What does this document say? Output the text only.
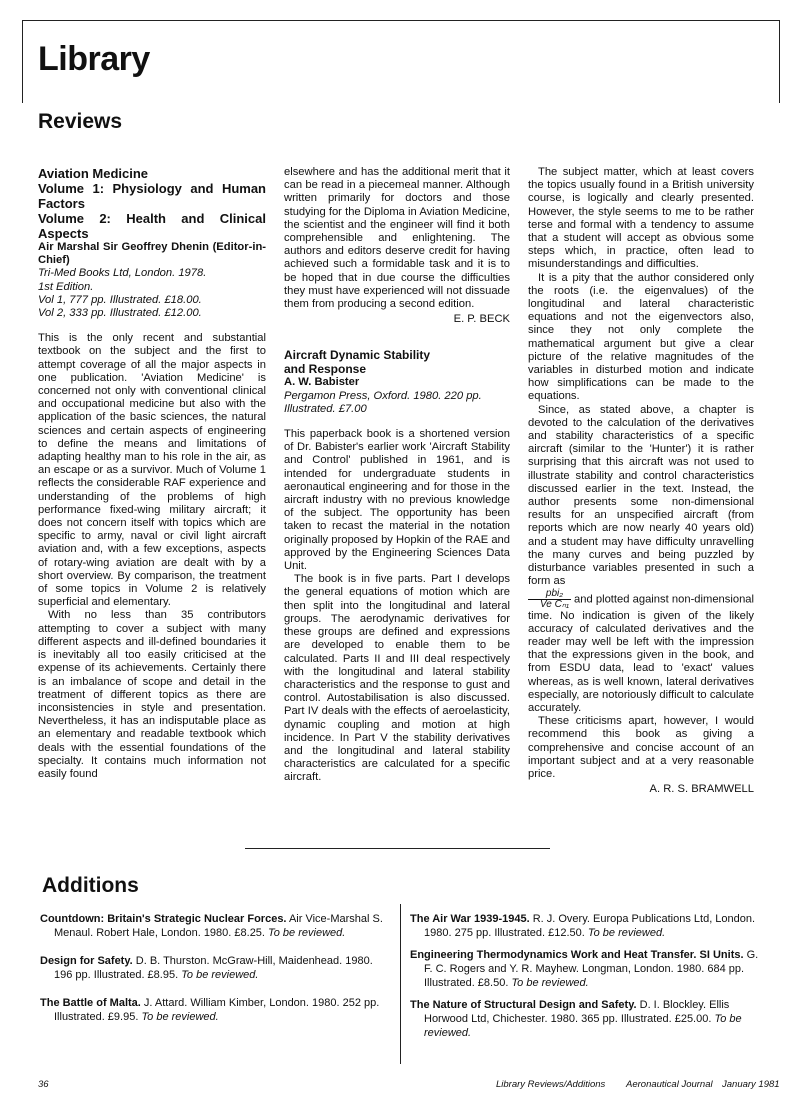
Library
Reviews
Aviation Medicine
Volume 1: Physiology and Human Factors
Volume 2: Health and Clinical Aspects
Air Marshal Sir Geoffrey Dhenin (Editor-in-Chief)
Tri-Med Books Ltd, London. 1978.
1st Edition.
Vol 1, 777 pp. Illustrated. £18.00.
Vol 2, 333 pp. Illustrated. £12.00.

This is the only recent and substantial textbook on the subject and the first to attempt coverage of all the major aspects in one publication. 'Aviation Medicine' is concerned not only with conventional clinical and occupational medicine but also with the application of the basic sciences, the natural sciences and certain aspects of engineering to define the means and limitations of adapting healthy man to his role in the air, as an escape or as a survivor. Much of Volume 1 reflects the considerable RAF experience and understanding of the problems of high performance fixed-wing military aircraft; it does not concern itself with topics which are specific to army, naval or civil light aircraft aviation and, with a few exceptions, aspects of rotary-wing aviation are dealt with by a short overview. By comparison, the treatment of some topics in Volume 2 is relatively superficial and elementary.

With no less than 35 contributors attempting to cover a subject with many different aspects and ill-defined boundaries it is inevitably all too easily criticised at the expense of its achievements. Certainly there is an imbalance of scope and detail in the treatment of different topics as there are inconsistencies in style and presentation. Nevertheless, it has an indisputable place as an elementary and readable textbook which deals with the essential foundations of the specialty. It contains much information not easily found

elsewhere and has the additional merit that it can be read in a piecemeal manner. Although written primarily for doctors and those studying for the Diploma in Aviation Medicine, the scientist and the engineer will find it both comprehensible and enlightening. The authors and editors deserve credit for having achieved such a formidable task and it is to be hoped that in due course the difficulties they must have experienced will not dissuade them from producing a second edition.

E. P. BECK
Aircraft Dynamic Stability
and Response
A. W. Babister
Pergamon Press, Oxford. 1980. 220 pp.
Illustrated. £7.00

This paperback book is a shortened version of Dr. Babister's earlier work 'Aircraft Stability and Control' published in 1961, and is intended for undergraduate students in aeronautical engineering and for those in the aircraft industry with no previous knowledge of the subject. The opportunity has been taken to recast the material in the notation originally proposed by Hopkin of the RAE and approved by the Engineering Sciences Data Unit.

The book is in five parts. Part I develops the general equations of motion which are then split into the longitudinal and lateral groups. The aerodynamic derivatives for these groups are defined and expressions are developed to enable them to be calculated. Parts II and III deal respectively with the longitudinal and lateral stability characteristics and the response to gust and control. Autostabilisation is also discussed. Part IV deals with the effects of aeroelasticity, dynamic coupling and motion at high incidence. In Part V the stability derivatives and the longitudinal and lateral stability characteristics are calculated for a specific aircraft.

The subject matter, which at least covers the topics usually found in a British university course, is logically and clearly presented. However, the style seems to me to be rather terse and formal with a tendency to assume that a student will accept as obvious some steps which, in practice, often lead to misunderstandings and difficulties.

It is a pity that the author considered only the roots (i.e. the eigenvalues) of the longitudinal and lateral characteristic equations and not the eigenvectors also, since they not only complete the mathematical argument but give a clear picture of the relative magnitudes of the variables in disturbed motion and indicate how simplifications can be made to the equations.

Since, as stated above, a chapter is devoted to the calculation of the derivatives and stability characteristics of a specific aircraft (similar to the 'Hunter') it is rather surprising that this aircraft was not used to illustrate stability and control characteristics discussed earlier in the text. Instead, the author presents some non-dimensional results for an unspecified aircraft (from reports which are now nearly 40 years old) and a student may have difficulty unravelling the many curves and being puzzled by disturbance variables presented in such a form as

$\frac{\text{pbi₂}}{\text{Ve Cₙ₁}}$ and plotted against non-dimensional time. No indication is given of the likely accuracy of calculated derivatives and the reader may well be left with the impression that the expressions given in the book, and from ESDU data, lead to 'exact' values whereas, as is well known, lateral derivatives especially, are notoriously difficult to calculate accurately.

These criticisms apart, however, I would recommend this book as giving a comprehensive and concise account of an important subject and at a very reasonable price.

A. R. S. BRAMWELL
Additions
Countdown: Britain's Strategic Nuclear Forces. Air Vice-Marshal S. Menaul. Robert Hale, London. 1980. £8.25. To be reviewed.
Design for Safety. D. B. Thurston. McGraw-Hill, Maidenhead. 1980. 196 pp. Illustrated. £8.95. To be reviewed.
The Battle of Malta. J. Attard. William Kimber, London. 1980. 252 pp. Illustrated. £9.95. To be reviewed.
The Air War 1939-1945. R. J. Overy. Europa Publications Ltd, London. 1980. 275 pp. Illustrated. £12.50. To be reviewed.
Engineering Thermodynamics Work and Heat Transfer. SI Units. G. F. C. Rogers and Y. R. Mayhew. Longman, London. 1980. 684 pp. Illustrated. £8.50. To be reviewed.
The Nature of Structural Design and Safety. D. I. Blockley. Ellis Horwood Ltd, Chichester. 1980. 365 pp. Illustrated. £25.00. To be reviewed.
36	Library Reviews/Additions Aeronautical Journal January 1981
